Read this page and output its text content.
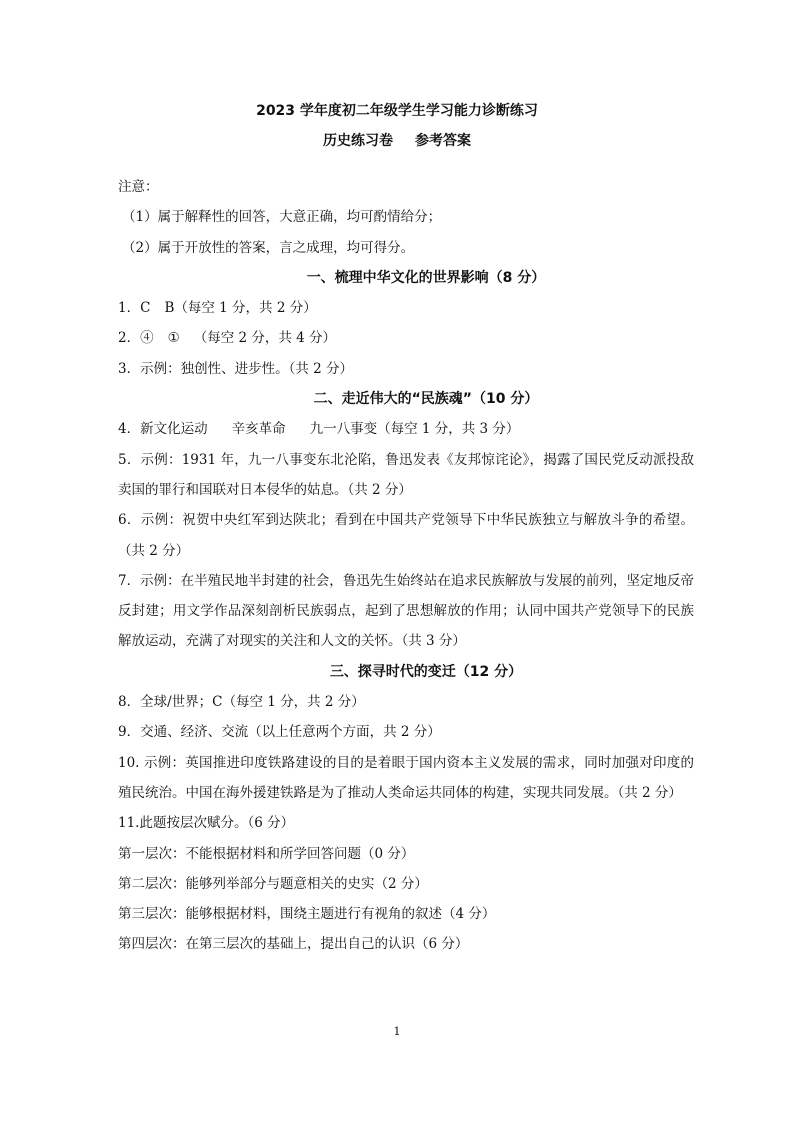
2023 学年度初二年级学生学习能力诊断练习
历史练习卷 参考答案

注意：

（1）属于解释性的回答，大意正确，均可酌情给分；

（2）属于开放性的答案，言之成理，均可得分。

一、梳理中华文化的世界影响（8 分）

1．C B（每空 1 分，共 2 分）

2．④ ① （每空 2 分，共 4 分）

3．示例：独创性、进步性。（共 2 分）

二、走近伟大的“民族魂”（10 分）

4．新文化运动 辛亥革命 九一八事变（每空 1 分，共 3 分）

5．示例：1931 年，九一八事变东北沦陷，鲁迅发表《友邦惊诧论》，揭露了国民党反动派投敌卖国的罪行和国联对日本侵华的姑息。（共 2 分）

6．示例：祝贺中央红军到达陕北；看到在中国共产党领导下中华民族独立与解放斗争的希望。（共 2 分）

7．示例：在半殖民地半封建的社会，鲁迅先生始终站在追求民族解放与发展的前列，坚定地反帝反封建；用文学作品深刻剖析民族弱点，起到了思想解放的作用；认同中国共产党领导下的民族解放运动，充满了对现实的关注和人文的关怀。（共 3 分）

三、探寻时代的变迁（12 分）

8．全球/世界；C（每空 1 分，共 2 分）

9．交通、经济、交流（以上任意两个方面，共 2 分）

10. 示例：英国推进印度铁路建设的目的是着眼于国内资本主义发展的需求，同时加强对印度的殖民统治。中国在海外援建铁路是为了推动人类命运共同体的构建，实现共同发展。（共 2 分）

11.此题按层次赋分。（6 分）

第一层次：不能根据材料和所学回答问题（0 分）

第二层次：能够列举部分与题意相关的史实（2 分）

第三层次：能够根据材料，围绕主题进行有视角的叙述（4 分）

第四层次：在第三层次的基础上，提出自己的认识（6 分）

1
